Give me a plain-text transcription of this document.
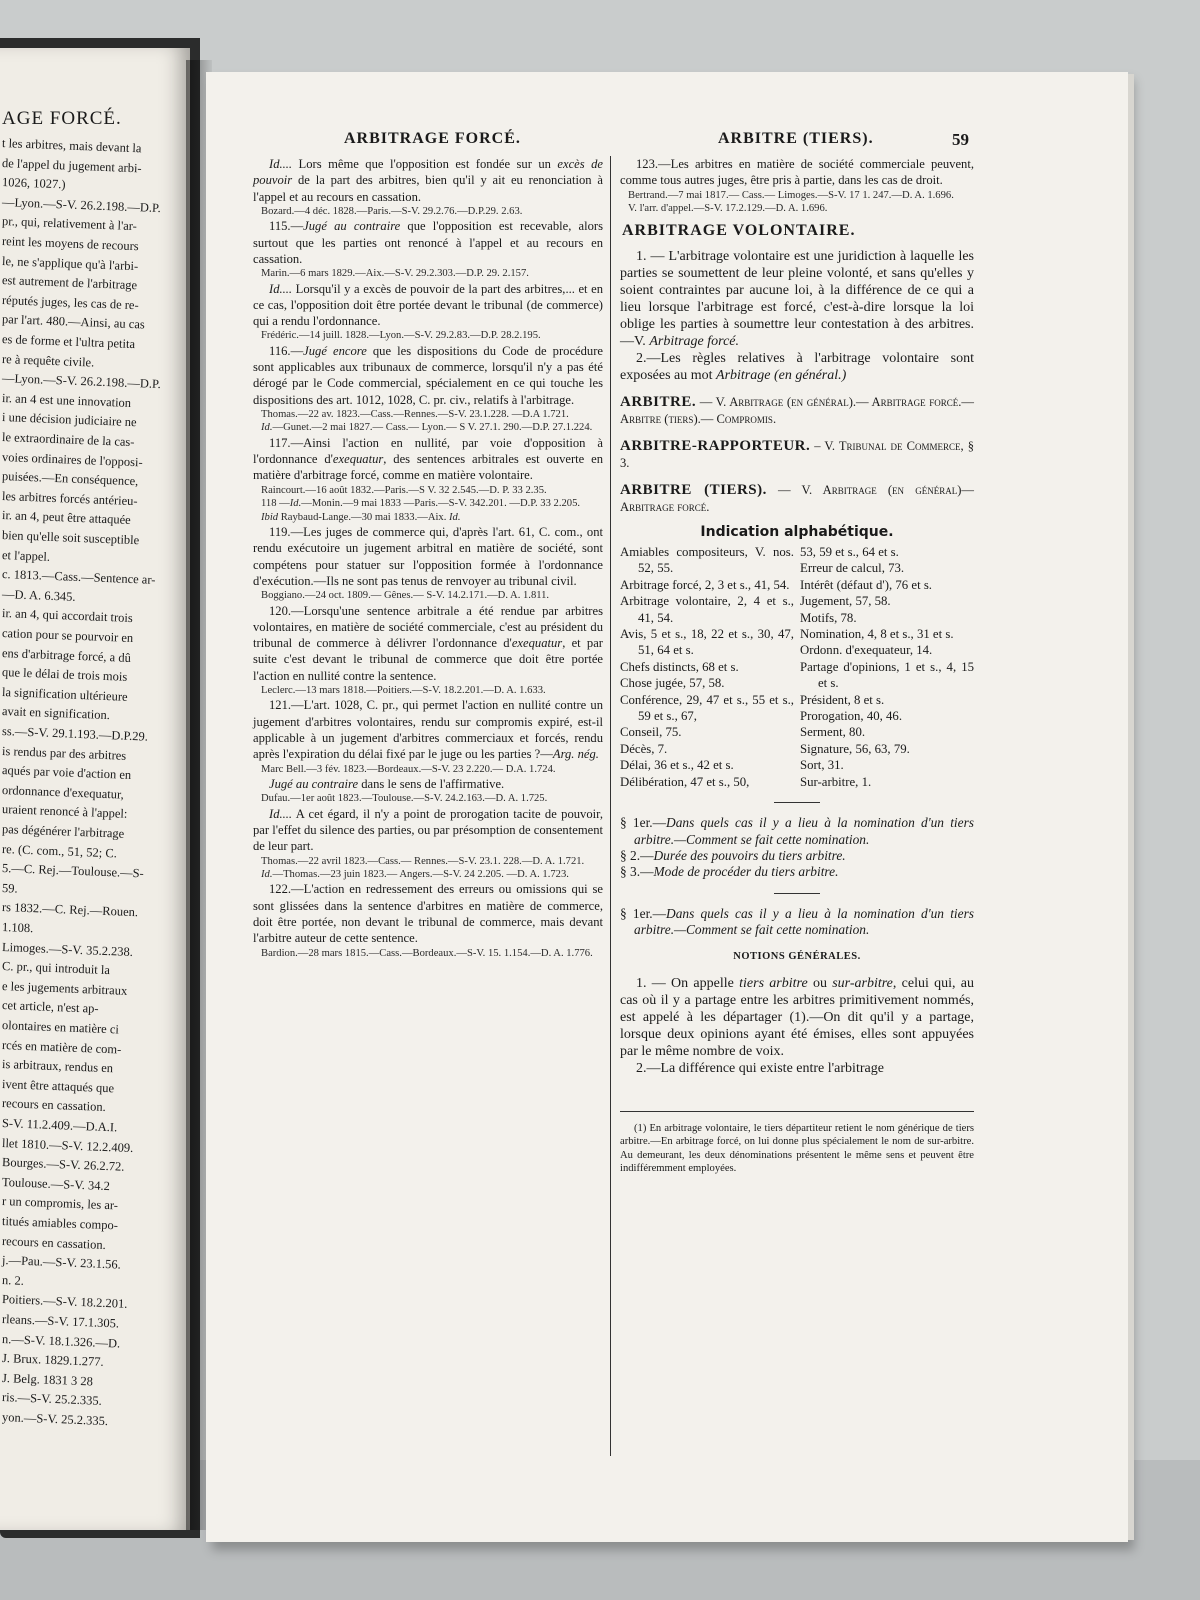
AGE FORCÉ.
t les arbitres, mais devant la
de l'appel du jugement arbi-
1026, 1027.)
—Lyon.—S-V. 26.2.198.—D.P.
pr., qui, relativement à l'ar-
reint les moyens de recours
le, ne s'applique qu'à l'arbi-
est autrement de l'arbitrage
réputés juges, les cas de re-
par l'art. 480.—Ainsi, au cas
es de forme et l'ultra petita
re à requête civile.
—Lyon.—S-V. 26.2.198.—D.P.
ir. an 4 est une innovation
i une décision judiciaire ne
le extraordinaire de la cas-
voies ordinaires de l'opposi-
puisées.—En conséquence,
les arbitres forcés antérieu-
ir. an 4, peut être attaquée
bien qu'elle soit susceptible
et l'appel.
c. 1813.—Cass.—Sentence ar-
—D. A. 6.345.
ir. an 4, qui accordait trois
cation pour se pourvoir en
ens d'arbitrage forcé, a dû
que le délai de trois mois
la signification ultérieure
avait en signification.
ss.—S-V. 29.1.193.—D.P.29.
is rendus par des arbitres
aqués par voie d'action en
ordonnance d'exequatur,
uraient renoncé à l'appel:
pas dégénérer l'arbitrage
re. (C. com., 51, 52; C.
5.—C. Rej.—Toulouse.—S-
59.
rs 1832.—C. Rej.—Rouen.
1.108.
Limoges.—S-V. 35.2.238.
C. pr., qui introduit la
e les jugements arbitraux
cet article, n'est ap-
olontaires en matière ci
rcés en matière de com-
is arbitraux, rendus en
ivent être attaqués que
recours en cassation.
S-V. 11.2.409.—D.A.I.
llet 1810.—S-V. 12.2.409.
Bourges.—S-V. 26.2.72.
Toulouse.—S-V. 34.2
r un compromis, les ar-
titués amiables compo-
recours en cassation.
j.—Pau.—S-V. 23.1.56.
n. 2.
Poitiers.—S-V. 18.2.201.
rleans.—S-V. 17.1.305.
n.—S-V. 18.1.326.—D.
J. Brux. 1829.1.277.
J. Belg. 1831 3 28
ris.—S-V. 25.2.335.
yon.—S-V. 25.2.335.
ARBITRAGE FORCÉ.	ARBITRE (TIERS).	59

Id.... Lors même que l'opposition est fondée sur un excès de pouvoir de la part des arbitres, bien qu'il y ait eu renonciation à l'appel et au recours en cassation.

Bozard.—4 déc. 1828.—Paris.—S-V. 29.2.76.—D.P.29. 2.63.

115.—Jugé au contraire que l'opposition est recevable, alors surtout que les parties ont renoncé à l'appel et au recours en cassation.

Marin.—6 mars 1829.—Aix.—S-V. 29.2.303.—D.P. 29. 2.157.

Id.... Lorsqu'il y a excès de pouvoir de la part des arbitres,... et en ce cas, l'opposition doit être portée devant le tribunal (de commerce) qui a rendu l'ordonnance.

Frédéric.—14 juill. 1828.—Lyon.—S-V. 29.2.83.—D.P. 28.2.195.

116.—Jugé encore que les dispositions du Code de procédure sont applicables aux tribunaux de commerce, lorsqu'il n'y a pas été dérogé par le Code commercial, spécialement en ce qui touche les dispositions des art. 1012, 1028, C. pr. civ., relatifs à l'arbitrage.

Thomas.—22 av. 1823.—Cass.—Rennes.—S-V. 23.1.228. —D.A 1.721.

Id.—Gunet.—2 mai 1827.— Cass.— Lyon.— S V. 27.1. 290.—D.P. 27.1.224.

117.—Ainsi l'action en nullité, par voie d'opposition à l'ordonnance d'exequatur, des sentences arbitrales est ouverte en matière d'arbitrage forcé, comme en matière volontaire.

Raincourt.—16 août 1832.—Paris.—S V. 32 2.545.—D. P. 33 2.35.

118 —Id.—Monin.—9 mai 1833 —Paris.—S-V. 342.201. —D.P. 33 2.205.

Ibid Raybaud-Lange.—30 mai 1833.—Aix. Id.

119.—Les juges de commerce qui, d'après l'art. 61, C. com., ont rendu exécutoire un jugement arbitral en matière de société, sont compétens pour statuer sur l'opposition formée à l'ordonnance d'exécution.—Ils ne sont pas tenus de renvoyer au tribunal civil.

Boggiano.—24 oct. 1809.— Gênes.— S-V. 14.2.171.—D. A. 1.811.

120.—Lorsqu'une sentence arbitrale a été rendue par arbitres volontaires, en matière de société commerciale, c'est au président du tribunal de commerce à délivrer l'ordonnance d'exequatur, et par suite c'est devant le tribunal de commerce que doit être portée l'action en nullité contre la sentence.

Leclerc.—13 mars 1818.—Poitiers.—S-V. 18.2.201.—D. A. 1.633.

121.—L'art. 1028, C. pr., qui permet l'action en nullité contre un jugement d'arbitres volontaires, rendu sur compromis expiré, est-il applicable à un jugement d'arbitres commerciaux et forcés, rendu après l'expiration du délai fixé par le juge ou les parties ?—Arg. nég.

Marc Bell.—3 fév. 1823.—Bordeaux.—S-V. 23 2.220.— D.A. 1.724.

Jugé au contraire dans le sens de l'affirmative.

Dufau.—1er août 1823.—Toulouse.—S-V. 24.2.163.—D. A. 1.725.

Id.... A cet égard, il n'y a point de prorogation tacite de pouvoir, par l'effet du silence des parties, ou par présomption de consentement de leur part.

Thomas.—22 avril 1823.—Cass.— Rennes.—S-V. 23.1. 228.—D. A. 1.721.

Id.—Thomas.—23 juin 1823.— Angers.—S-V. 24 2.205. —D. A. 1.723.

122.—L'action en redressement des erreurs ou omissions qui se sont glissées dans la sentence d'arbitres en matière de commerce, doit être portée, non devant le tribunal de commerce, mais devant l'arbitre auteur de cette sentence.

Bardion.—28 mars 1815.—Cass.—Bordeaux.—S-V. 15. 1.154.—D. A. 1.776.

123.—Les arbitres en matière de société commerciale peuvent, comme tous autres juges, être pris à partie, dans les cas de droit.

Bertrand.—7 mai 1817.— Cass.— Limoges.—S-V. 17 1. 247.—D. A. 1.696.

V. l'arr. d'appel.—S-V. 17.2.129.—D. A. 1.696.

ARBITRAGE VOLONTAIRE.

1. — L'arbitrage volontaire est une juridiction à laquelle les parties se soumettent de leur pleine volonté, et sans qu'elles y soient contraintes par aucune loi, à la différence de ce qui a lieu lorsque l'arbitrage est forcé, c'est-à-dire lorsque la loi oblige les parties à soumettre leur contestation à des arbitres. —V. Arbitrage forcé.

2.—Les règles relatives à l'arbitrage volontaire sont exposées au mot Arbitrage (en général.)

ARBITRE. — V. Arbitrage (en général).— Arbitrage forcé.— Arbitre (tiers).— Compromis.

ARBITRE-RAPPORTEUR. – V. Tribunal de Commerce, § 3.

ARBITRE (TIERS). — V. Arbitrage (en général)—Arbitrage forcé.

Indication alphabétique.

Amiables compositeurs, V. nos. 52, 55.
Arbitrage forcé, 2, 3 et s., 41, 54.
Arbitrage volontaire, 2, 4 et s., 41, 54.
Avis, 5 et s., 18, 22 et s., 30, 47, 51, 64 et s.
Chefs distincts, 68 et s.
Chose jugée, 57, 58.
Conférence, 29, 47 et s., 55 et s., 59 et s., 67,
Conseil, 75.
Décès, 7.
Délai, 36 et s., 42 et s.
Délibération, 47 et s., 50,
53, 59 et s., 64 et s.
Erreur de calcul, 73.
Intérêt (défaut d'), 76 et s.
Jugement, 57, 58.
Motifs, 78.
Nomination, 4, 8 et s., 31 et s.
Ordonn. d'exequateur, 14.
Partage d'opinions, 1 et s., 4, 15 et s.
Président, 8 et s.
Prorogation, 40, 46.
Serment, 80.
Signature, 56, 63, 79.
Sort, 31.
Sur-arbitre, 1.

§ 1er.—Dans quels cas il y a lieu à la nomination d'un tiers arbitre.—Comment se fait cette nomination.

§ 2.—Durée des pouvoirs du tiers arbitre.

§ 3.—Mode de procéder du tiers arbitre.

§ 1er.—Dans quels cas il y a lieu à la nomination d'un tiers arbitre.—Comment se fait cette nomination.

NOTIONS GÉNÉRALES.

1. — On appelle tiers arbitre ou sur-arbitre, celui qui, au cas où il y a partage entre les arbitres primitivement nommés, est appelé à les départager (1).—On dit qu'il y a partage, lorsque deux opinions ayant été émises, elles sont appuyées par le même nombre de voix.

2.—La différence qui existe entre l'arbitrage

(1) En arbitrage volontaire, le tiers départiteur retient le nom générique de tiers arbitre.—En arbitrage forcé, on lui donne plus spécialement le nom de sur-arbitre. Au demeurant, les deux dénominations présentent le même sens et peuvent être indifféremment employées.
